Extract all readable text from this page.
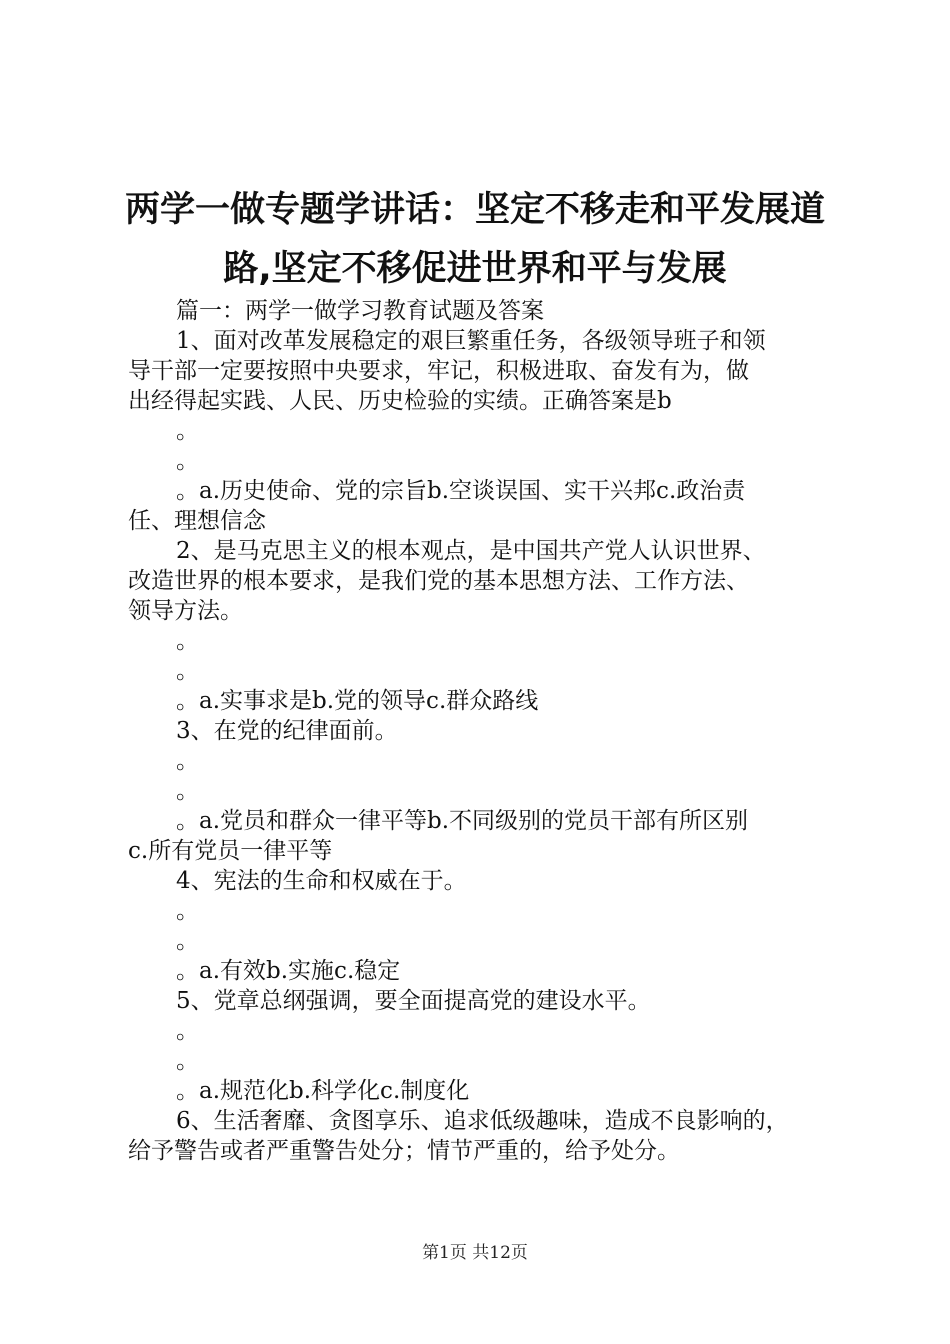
两学一做专题学讲话：坚定不移走和平发展道
路,坚定不移促进世界和平与发展
篇一：两学一做学习教育试题及答案
1、面对改革发展稳定的艰巨繁重任务，各级领导班子和领
导干部一定要按照中央要求，牢记，积极进取、奋发有为，做
出经得起实践、人民、历史检验的实绩。正确答案是b
。
。
。a.历史使命、党的宗旨b.空谈误国、实干兴邦c.政治责
任、理想信念
2、是马克思主义的根本观点，是中国共产党人认识世界、
改造世界的根本要求，是我们党的基本思想方法、工作方法、
领导方法。
。
。
。a.实事求是b.党的领导c.群众路线
3、在党的纪律面前。
。
。
。a.党员和群众一律平等b.不同级别的党员干部有所区别
c.所有党员一律平等
4、宪法的生命和权威在于。
。
。
。a.有效b.实施c.稳定
5、党章总纲强调，要全面提高党的建设水平。
。
。
。a.规范化b.科学化c.制度化
6、生活奢靡、贪图享乐、追求低级趣味，造成不良影响的，
给予警告或者严重警告处分；情节严重的，给予处分。
第1页 共12页
